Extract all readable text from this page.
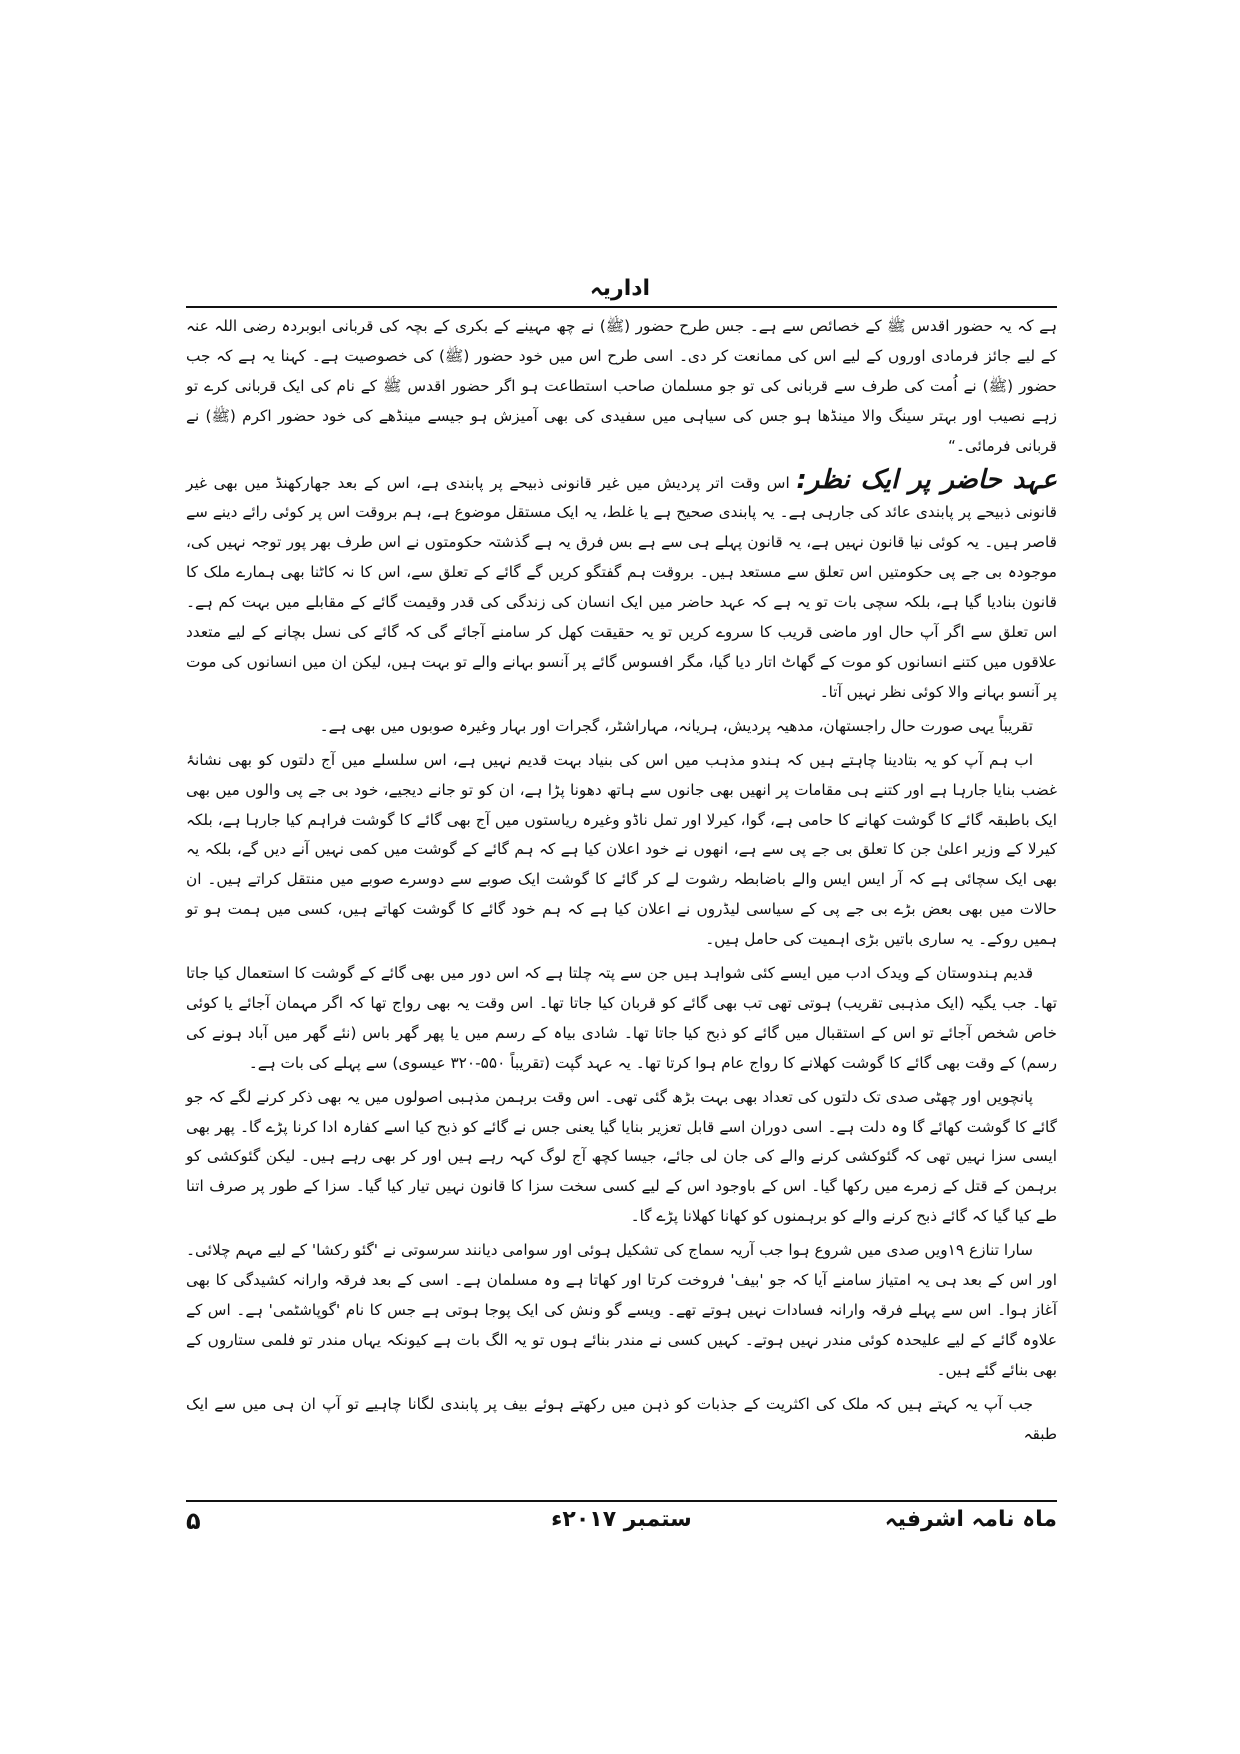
اداریہ

ہے کہ یہ حضور اقدس ﷺ کے خصائص سے ہے۔ جس طرح حضور (ﷺ) نے چھ مہینے کے بکری کے بچہ کی قربانی ابوبردہ رضی اللہ عنہ کے لیے جائز فرمادی اوروں کے لیے اس کی ممانعت کر دی۔ اسی طرح اس میں خود حضور (ﷺ) کی خصوصیت ہے۔ کہنا یہ ہے کہ جب حضور (ﷺ) نے اُمت کی طرف سے قربانی کی تو جو مسلمان صاحب استطاعت ہو اگر حضور اقدس ﷺ کے نام کی ایک قربانی کرے تو زہے نصیب اور بہتر سینگ والا مینڈھا ہو جس کی سیاہی میں سفیدی کی بھی آمیزش ہو جیسے مینڈھے کی خود حضور اکرم (ﷺ) نے قربانی فرمائی۔“

عہد حاضر پر ایک نظر: اس وقت اتر پردیش میں غیر قانونی ذبیحے پر پابندی ہے، اس کے بعد جھارکھنڈ میں بھی غیر قانونی ذبیحے پر پابندی عائد کی جارہی ہے۔ یہ پابندی صحیح ہے یا غلط، یہ ایک مستقل موضوع ہے، ہم بروقت اس پر کوئی رائے دینے سے قاصر ہیں۔ یہ کوئی نیا قانون نہیں ہے، یہ قانون پہلے ہی سے ہے بس فرق یہ ہے گذشتہ حکومتوں نے اس طرف بھر پور توجہ نہیں کی، موجودہ بی جے پی حکومتیں اس تعلق سے مستعد ہیں۔ بروقت ہم گفتگو کریں گے گائے کے تعلق سے، اس کا نہ کاٹنا بھی ہمارے ملک کا قانون بنادیا گیا ہے، بلکہ سچی بات تو یہ ہے کہ عہد حاضر میں ایک انسان کی زندگی کی قدر وقیمت گائے کے مقابلے میں بہت کم ہے۔ اس تعلق سے اگر آپ حال اور ماضی قریب کا سروے کریں تو یہ حقیقت کھل کر سامنے آجائے گی کہ گائے کی نسل بچانے کے لیے متعدد علاقوں میں کتنے انسانوں کو موت کے گھاٹ اتار دیا گیا، مگر افسوس گائے پر آنسو بہانے والے تو بہت ہیں، لیکن ان میں انسانوں کی موت پر آنسو بہانے والا کوئی نظر نہیں آتا۔

تقریباً یہی صورت حال راجستھان، مدھیہ پردیش، ہریانہ، مہاراشٹر، گجرات اور بہار وغیرہ صوبوں میں بھی ہے۔

اب ہم آپ کو یہ بتادینا چاہتے ہیں کہ ہندو مذہب میں اس کی بنیاد بہت قدیم نہیں ہے، اس سلسلے میں آج دلتوں کو بھی نشانۂ غضب بنایا جارہا ہے اور کتنے ہی مقامات پر انھیں بھی جانوں سے ہاتھ دھونا پڑا ہے، ان کو تو جانے دیجیے، خود بی جے پی والوں میں بھی ایک باطبقہ گائے کا گوشت کھانے کا حامی ہے، گوا، کیرلا اور تمل ناڈو وغیرہ ریاستوں میں آج بھی گائے کا گوشت فراہم کیا جارہا ہے، بلکہ کیرلا کے وزیر اعلیٰ جن کا تعلق بی جے پی سے ہے، انھوں نے خود اعلان کیا ہے کہ ہم گائے کے گوشت میں کمی نہیں آنے دیں گے، بلکہ یہ بھی ایک سچائی ہے کہ آر ایس ایس والے باضابطہ رشوت لے کر گائے کا گوشت ایک صوبے سے دوسرے صوبے میں منتقل کراتے ہیں۔ ان حالات میں بھی بعض بڑے بی جے پی کے سیاسی لیڈروں نے اعلان کیا ہے کہ ہم خود گائے کا گوشت کھاتے ہیں، کسی میں ہمت ہو تو ہمیں روکے۔ یہ ساری باتیں بڑی اہمیت کی حامل ہیں۔

قدیم ہندوستان کے ویدک ادب میں ایسے کئی شواہد ہیں جن سے پتہ چلتا ہے کہ اس دور میں بھی گائے کے گوشت کا استعمال کیا جاتا تھا۔ جب یگیہ (ایک مذہبی تقریب) ہوتی تھی تب بھی گائے کو قربان کیا جاتا تھا۔ اس وقت یہ بھی رواج تھا کہ اگر مہمان آجائے یا کوئی خاص شخص آجائے تو اس کے استقبال میں گائے کو ذبح کیا جاتا تھا۔ شادی بیاہ کے رسم میں یا پھر گھر باس (نئے گھر میں آباد ہونے کی رسم) کے وقت بھی گائے کا گوشت کھلانے کا رواج عام ہوا کرتا تھا۔ یہ عہد گپت (تقریباً ۵۵۰-۳۲۰ عیسوی) سے پہلے کی بات ہے۔

پانچویں اور چھٹی صدی تک دلتوں کی تعداد بھی بہت بڑھ گئی تھی۔ اس وقت برہمن مذہبی اصولوں میں یہ بھی ذکر کرنے لگے کہ جو گائے کا گوشت کھائے گا وہ دلت ہے۔ اسی دوران اسے قابل تعزیر بنایا گیا یعنی جس نے گائے کو ذبح کیا اسے کفارہ ادا کرنا پڑے گا۔ پھر بھی ایسی سزا نہیں تھی کہ گئوکشی کرنے والے کی جان لی جائے، جیسا کچھ آج لوگ کہہ رہے ہیں اور کر بھی رہے ہیں۔ لیکن گئوکشی کو برہمن کے قتل کے زمرے میں رکھا گیا۔ اس کے باوجود اس کے لیے کسی سخت سزا کا قانون نہیں تیار کیا گیا۔ سزا کے طور پر صرف اتنا طے کیا گیا کہ گائے ذبح کرنے والے کو برہمنوں کو کھانا کھلانا پڑے گا۔

سارا تنازع ۱۹ویں صدی میں شروع ہوا جب آریہ سماج کی تشکیل ہوئی اور سوامی دیانند سرسوتی نے 'گئو رکشا' کے لیے مہم چلائی۔ اور اس کے بعد ہی یہ امتیاز سامنے آیا کہ جو 'بیف' فروخت کرتا اور کھاتا ہے وہ مسلمان ہے۔ اسی کے بعد فرقہ وارانہ کشیدگی کا بھی آغاز ہوا۔ اس سے پہلے فرقہ وارانہ فسادات نہیں ہوتے تھے۔ ویسے گو ونش کی ایک پوجا ہوتی ہے جس کا نام 'گوپاشٹمی' ہے۔ اس کے علاوہ گائے کے لیے علیحدہ کوئی مندر نہیں ہوتے۔ کہیں کسی نے مندر بنائے ہوں تو یہ الگ بات ہے کیونکہ یہاں مندر تو فلمی ستاروں کے بھی بنائے گئے ہیں۔

جب آپ یہ کہتے ہیں کہ ملک کی اکثریت کے جذبات کو ذہن میں رکھتے ہوئے بیف پر پابندی لگانا چاہیے تو آپ ان ہی میں سے ایک طبقہ

ماہ نامہ اشرفیہ
ستمبر ۲۰۱۷ء
۵
